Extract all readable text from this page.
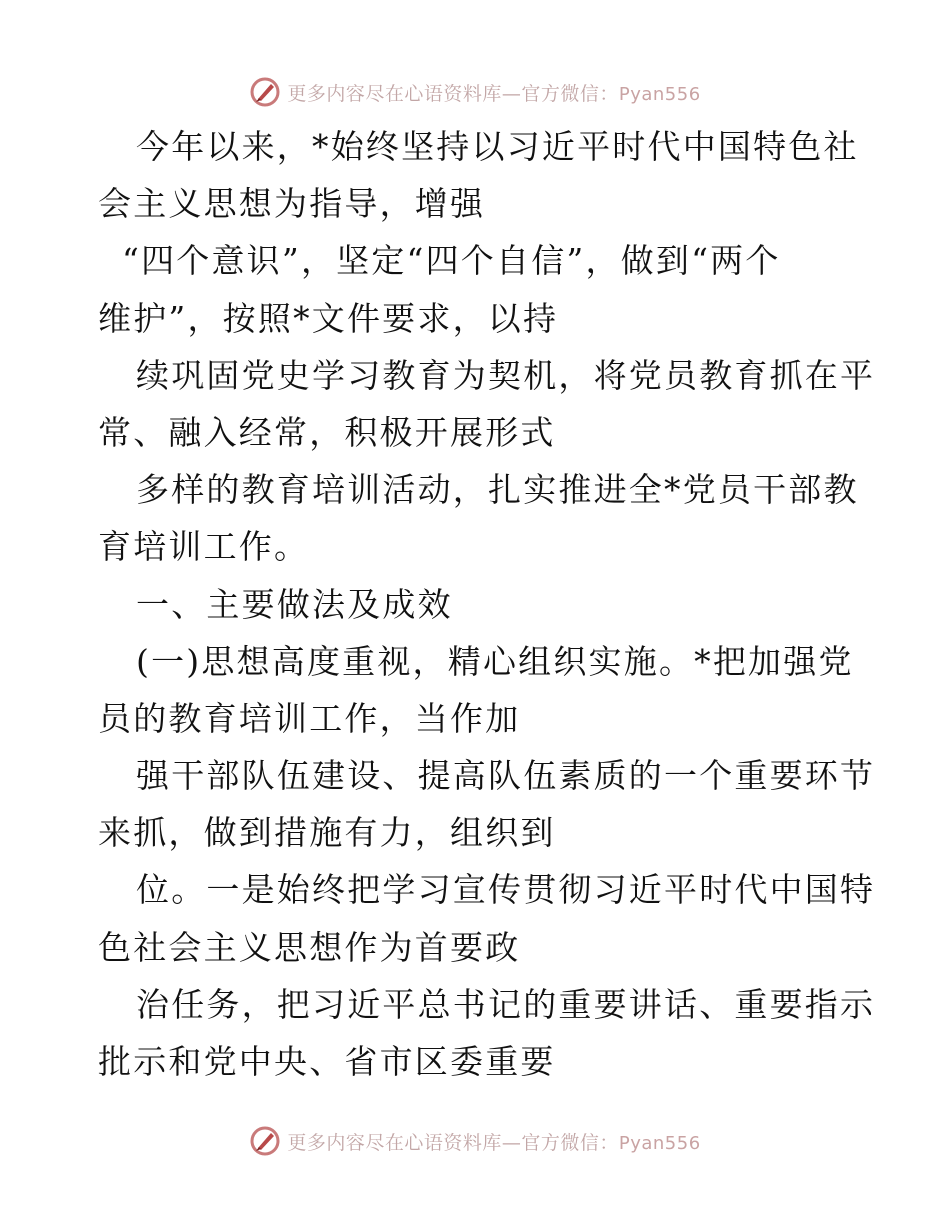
更多内容尽在心语资料库—官方微信：Pyan556
今年以来，*始终坚持以习近平时代中国特色社
会主义思想为指导，增强
“四个意识”，坚定“四个自信”，做到“两个
维护”，按照*文件要求，以持
续巩固党史学习教育为契机，将党员教育抓在平
常、融入经常，积极开展形式
多样的教育培训活动，扎实推进全*党员干部教
育培训工作。
一、主要做法及成效
(一)思想高度重视，精心组织实施。*把加强党
员的教育培训工作，当作加
强干部队伍建设、提高队伍素质的一个重要环节
来抓，做到措施有力，组织到
位。一是始终把学习宣传贯彻习近平时代中国特
色社会主义思想作为首要政
治任务，把习近平总书记的重要讲话、重要指示
批示和党中央、省市区委重要
更多内容尽在心语资料库—官方微信：Pyan556
